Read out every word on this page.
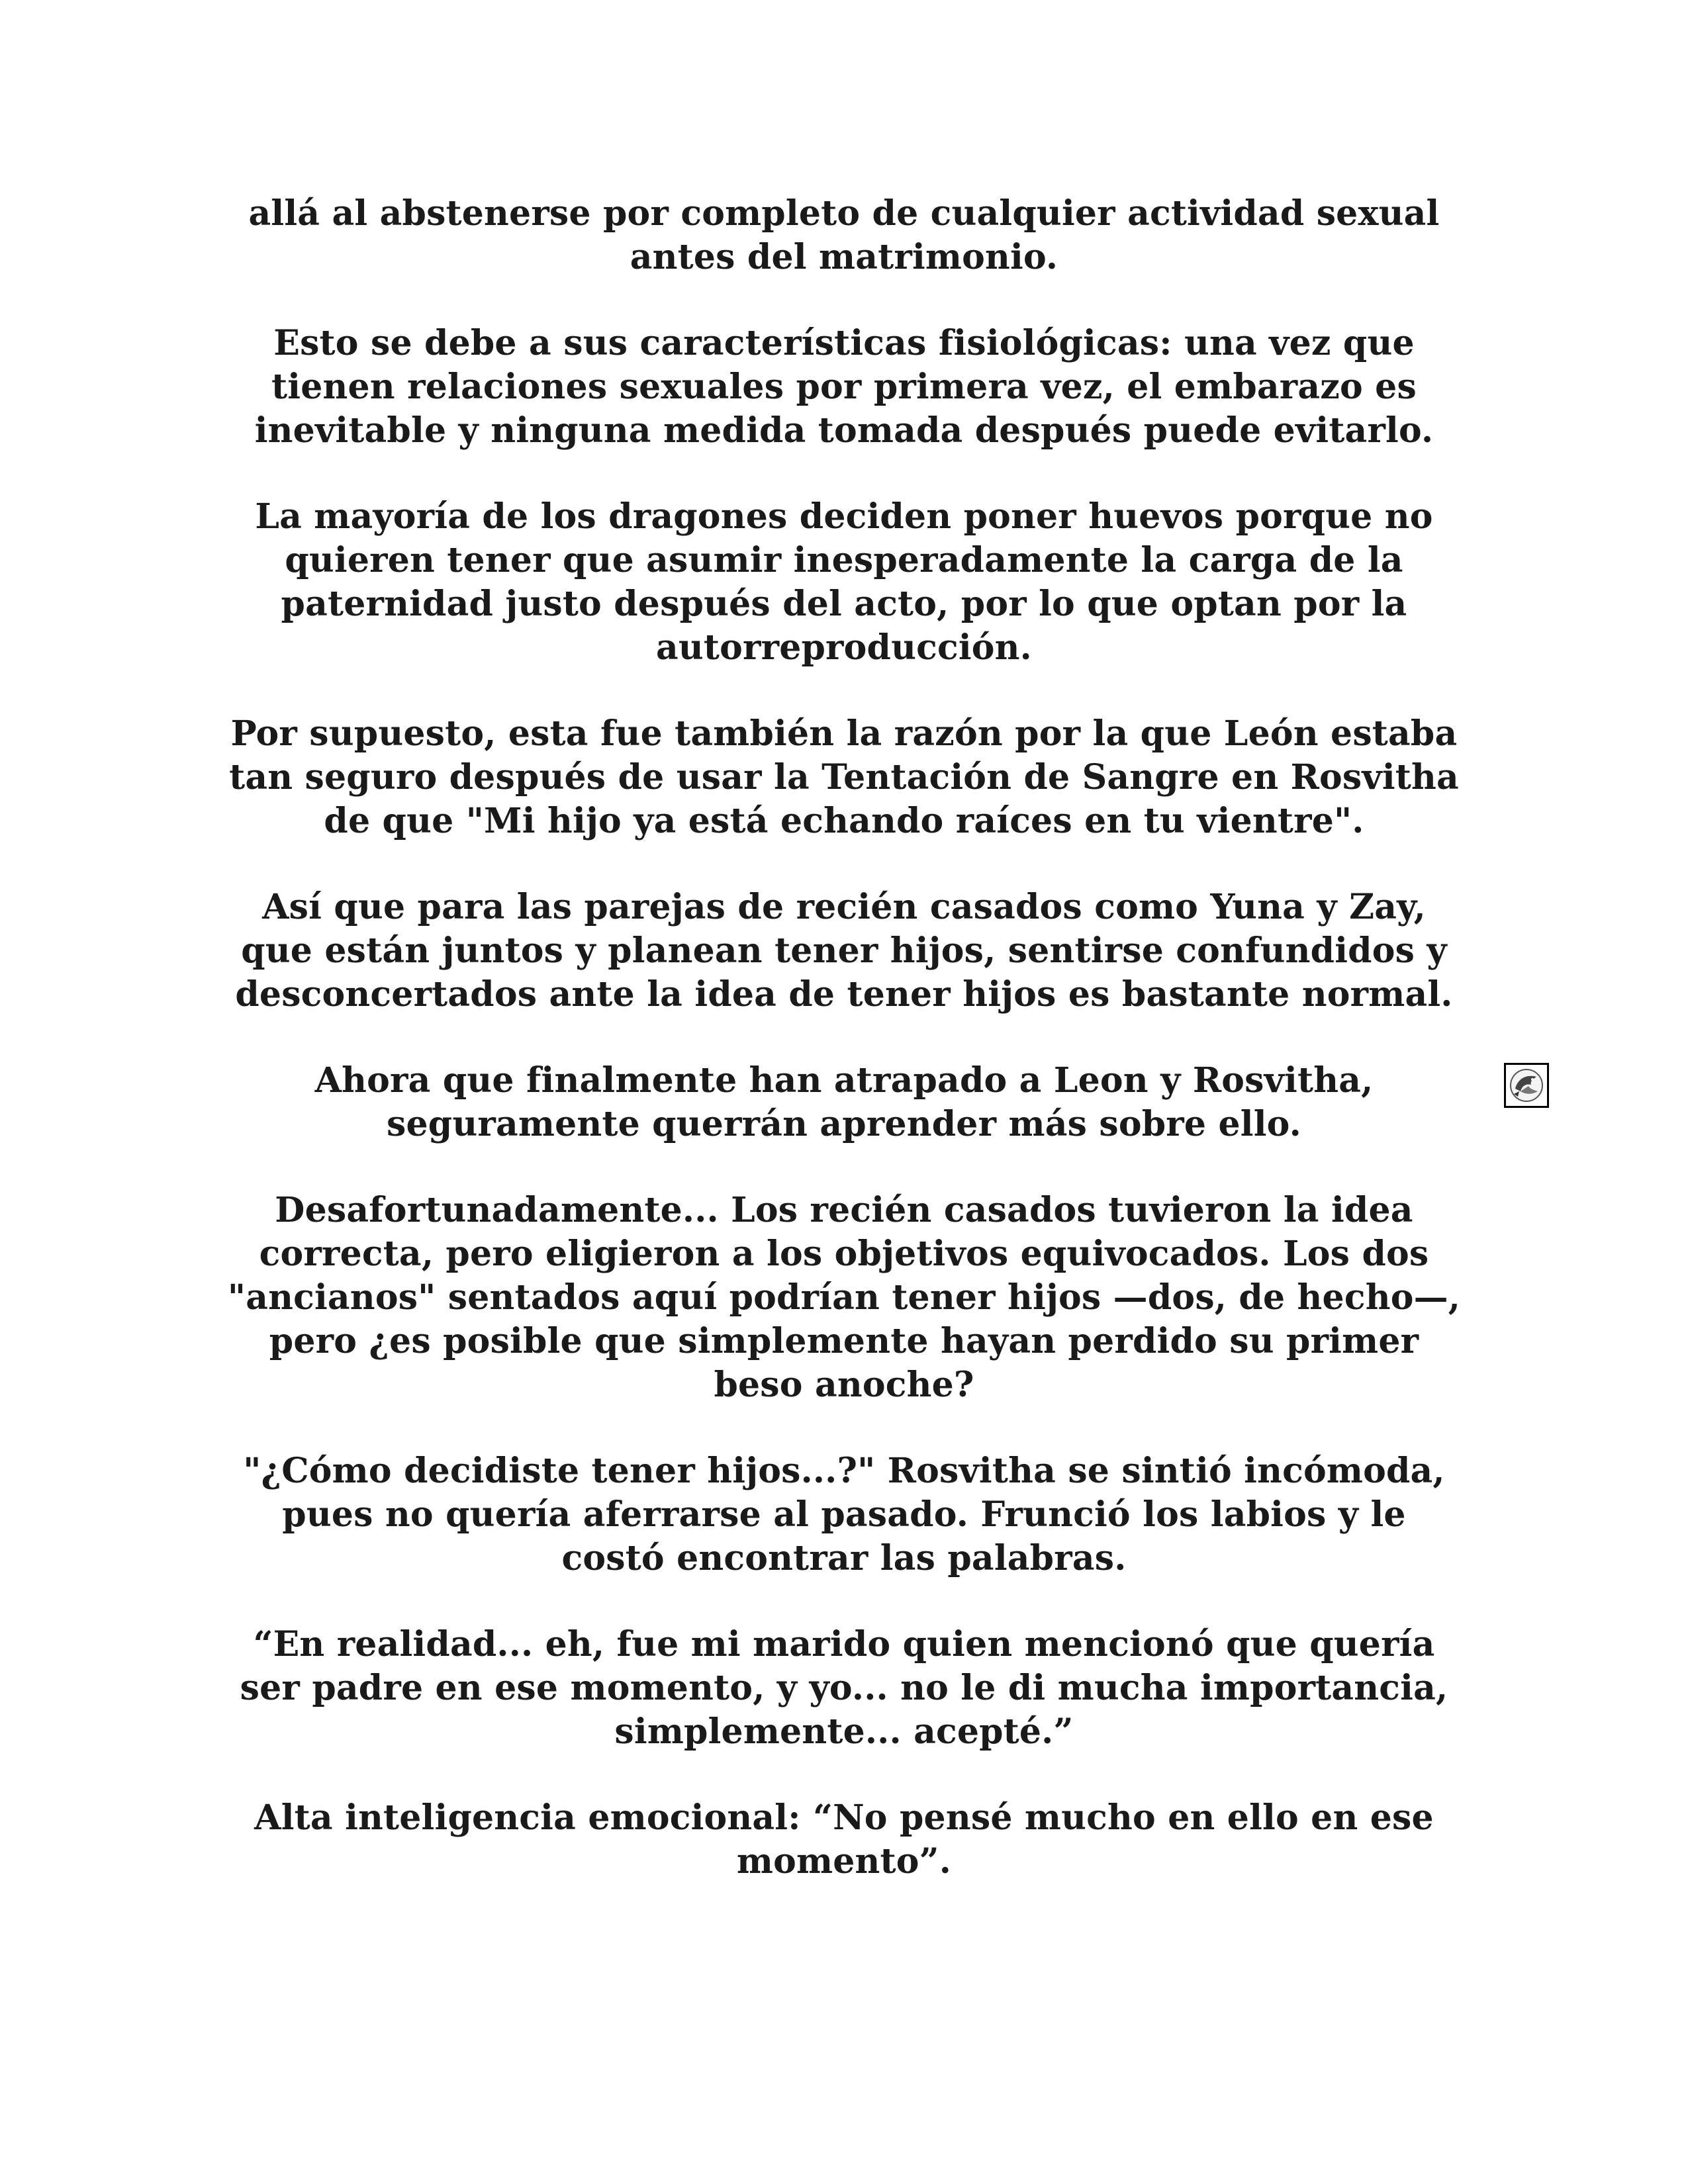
allá al abstenerse por completo de cualquier actividad sexual antes del matrimonio.

Esto se debe a sus características fisiológicas: una vez que tienen relaciones sexuales por primera vez, el embarazo es inevitable y ninguna medida tomada después puede evitarlo.

La mayoría de los dragones deciden poner huevos porque no quieren tener que asumir inesperadamente la carga de la paternidad justo después del acto, por lo que optan por la autorreproducción.

Por supuesto, esta fue también la razón por la que León estaba tan seguro después de usar la Tentación de Sangre en Rosvitha de que "Mi hijo ya está echando raíces en tu vientre".

Así que para las parejas de recién casados como Yuna y Zay, que están juntos y planean tener hijos, sentirse confundidos y desconcertados ante la idea de tener hijos es bastante normal.

Ahora que finalmente han atrapado a Leon y Rosvitha, seguramente querrán aprender más sobre ello.

Desafortunadamente... Los recién casados tuvieron la idea correcta, pero eligieron a los objetivos equivocados. Los dos "ancianos" sentados aquí podrían tener hijos —dos, de hecho—, pero ¿es posible que simplemente hayan perdido su primer beso anoche?

"¿Cómo decidiste tener hijos...?" Rosvitha se sintió incómoda, pues no quería aferrarse al pasado. Frunció los labios y le costó encontrar las palabras.

“En realidad... eh, fue mi marido quien mencionó que quería ser padre en ese momento, y yo... no le di mucha importancia, simplemente... acepté.”

Alta inteligencia emocional: “No pensé mucho en ello en ese momento”.
